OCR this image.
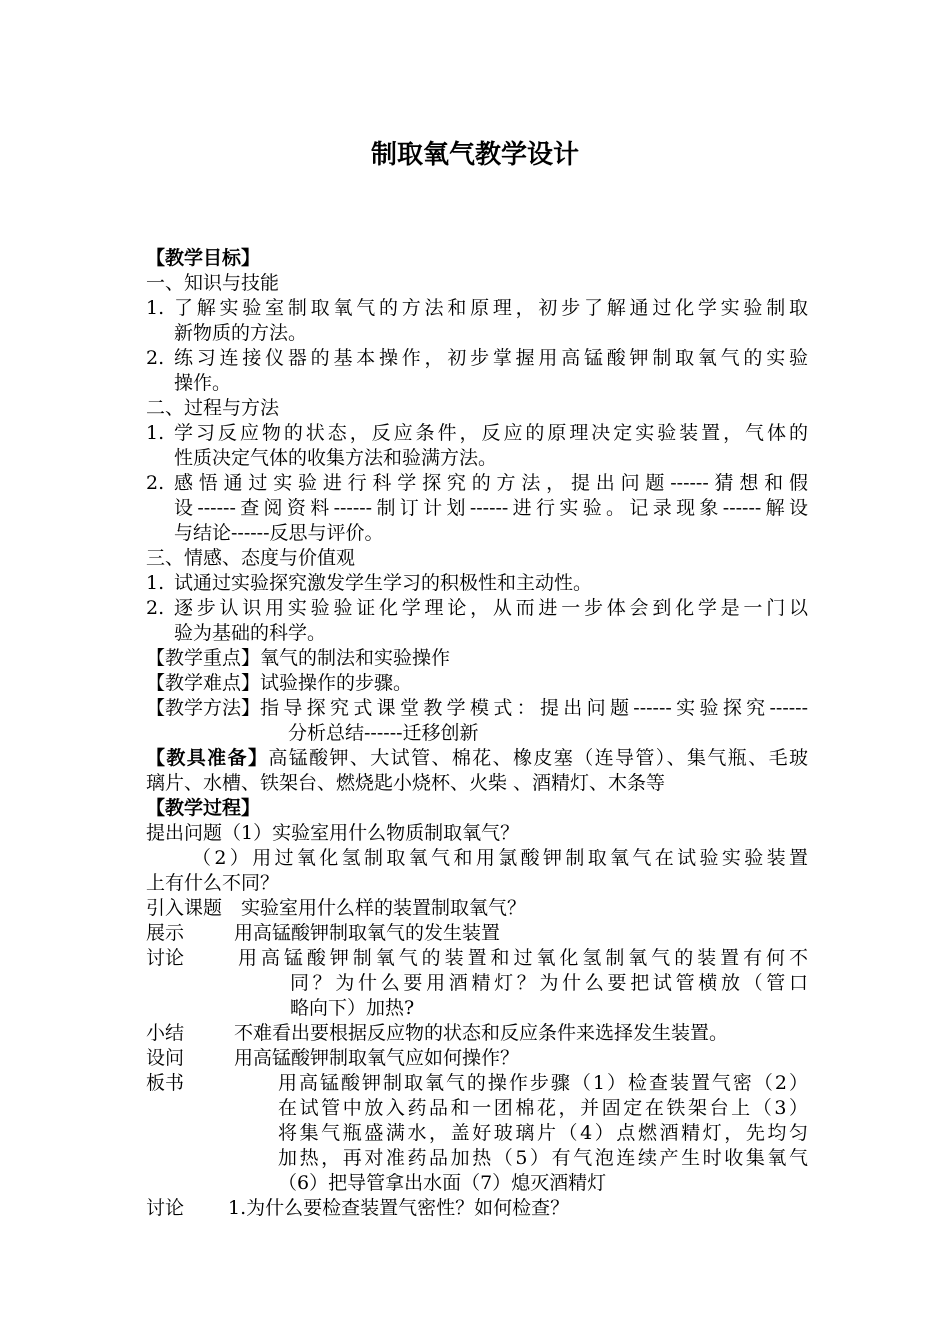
制取氧气教学设计
【教学目标】
一、知识与技能
1. 了解实验室制取氧气的方法和原理，初步了解通过化学实验制取
新物质的方法。
2. 练习连接仪器的基本操作，初步掌握用高锰酸钾制取氧气的实验
操作。
二、过程与方法
1. 学习反应物的状态，反应条件，反应的原理决定实验装置，气体的
性质决定气体的收集方法和验满方法。
2. 感悟通过实验进行科学探究的方法，提出问题------猜想和假
设------查阅资料------制订计划------进行实验。记录现象------解设
与结论------反思与评价。
三、情感、态度与价值观
1. 试通过实验探究激发学生学习的积极性和主动性。
2. 逐步认识用实验验证化学理论，从而进一步体会到化学是一门以
验为基础的科学。
【教学重点】氧气的制法和实验操作
【教学难点】试验操作的步骤。
【教学方法】 指导探究式课堂教学模式：提出问题------实验探究------
分析总结------迁移创新
【教具准备】高锰酸钾、大试管、棉花、橡皮塞（连导管）、集气瓶、毛玻
璃片、水槽、铁架台、燃烧匙小烧杯、火柴 、酒精灯、木条等
【教学过程】
提出问题（1）实验室用什么物质制取氧气？
（2）用过氧化氢制取氧气和用氯酸钾制取氧气在试验实验装置
上有什么不同？
引入课题　实验室用什么样的装置制取氧气？
展示	用高锰酸钾制取氧气的发生装置
讨论	用高锰酸钾制氧气的装置和过氧化氢制氧气的装置有何不
同？为什么要用酒精灯？为什么要把试管横放（管口
略向下）加热?
小结	不难看出要根据反应物的状态和反应条件来选择发生装置。
设问	用高锰酸钾制取氧气应如何操作？
板书	用高锰酸钾制取氧气的操作步骤（1）检查装置气密（2）
在试管中放入药品和一团棉花，并固定在铁架台上（3）
将集气瓶盛满水，盖好玻璃片（4）点燃酒精灯，先均匀
加热，再对准药品加热（5）有气泡连续产生时收集氧气
（6）把导管拿出水面（7）熄灭酒精灯
讨论	1.为什么要检查装置气密性？如何检查？
